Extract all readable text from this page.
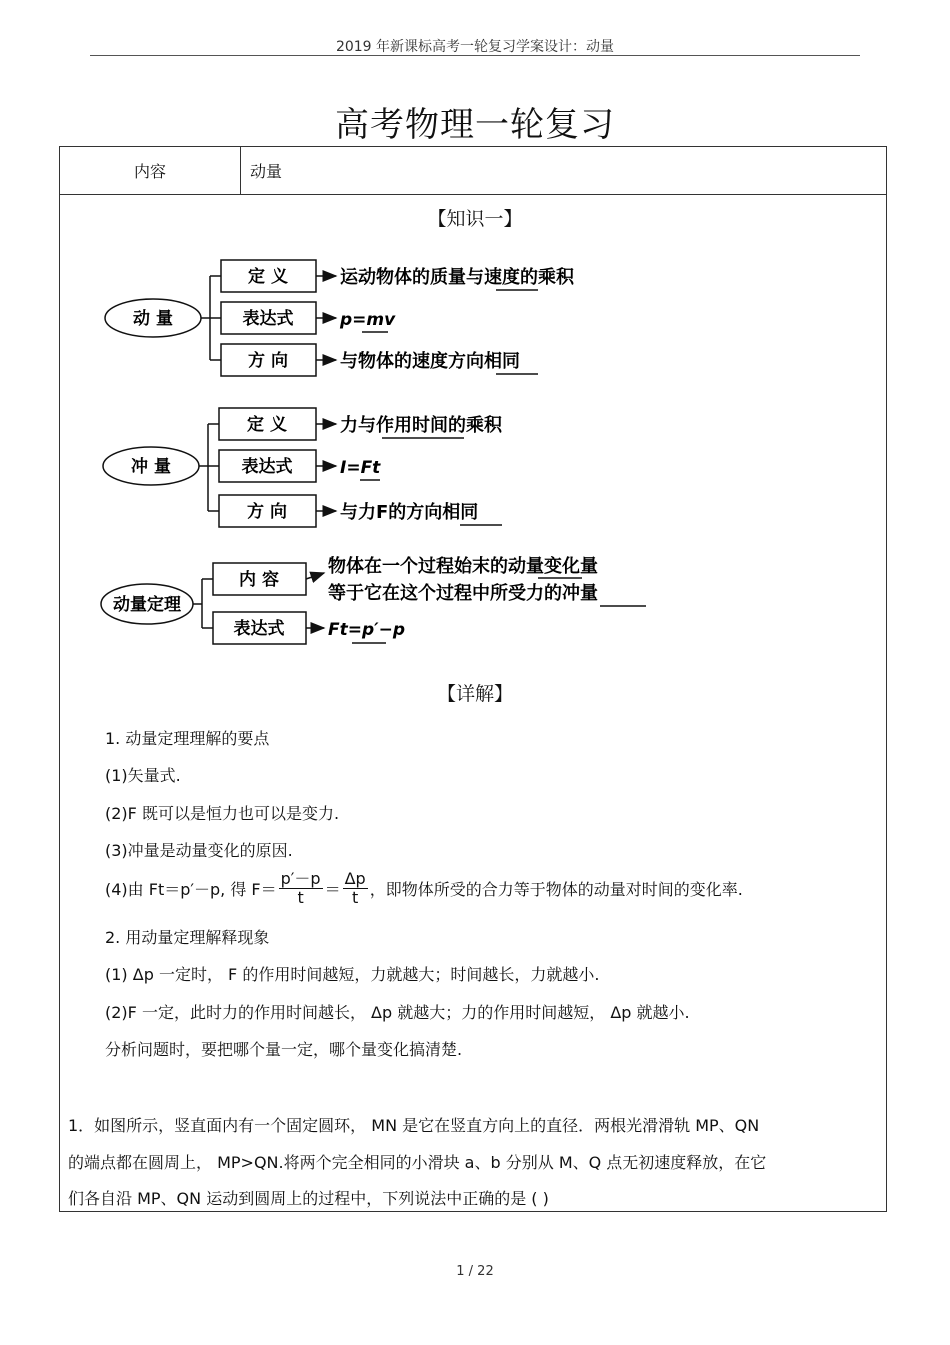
2019 年新课标高考一轮复习学案设计：动量
高考物理一轮复习
内容	动量
【知识一】
动 量
定 义	运动物体的质量与速度的乘积
表达式	p=mv
方 向	与物体的速度方向相同
冲 量
定 义	力与作用时间的乘积
表达式	I=Ft
方 向	与力F的方向相同
动量定理
内 容
物体在一个过程始末的动量变化量
等于它在这个过程中所受力的冲量
表达式	Ft=p′−p
【详解】
1. 动量定理理解的要点
(1)矢量式.
(2)F 既可以是恒力也可以是变力.
(3)冲量是动量变化的原因.
(4)由 Ft＝p′－p, 得 $F= \frac{p'-p}{t} = \frac{\Delta p}{t}$ ，即物体所受的合力等于物体的动量对时间的变化率.
2. 用动量定理解释现象
(1) Δp 一定时， F 的作用时间越短，力就越大；时间越长，力就越小.
(2)F 一定，此时力的作用时间越长， Δp 就越大；力的作用时间越短， Δp 就越小.
分析问题时，要把哪个量一定，哪个量变化搞清楚.
1．如图所示，竖直面内有一个固定圆环， MN 是它在竖直方向上的直径．两根光滑滑轨 MP、QN
的端点都在圆周上， MP>QN.将两个完全相同的小滑块 a、b 分别从 M、Q 点无初速度释放，在它
们各自沿 MP、QN 运动到圆周上的过程中，下列说法中正确的是 ( )
1 / 22
